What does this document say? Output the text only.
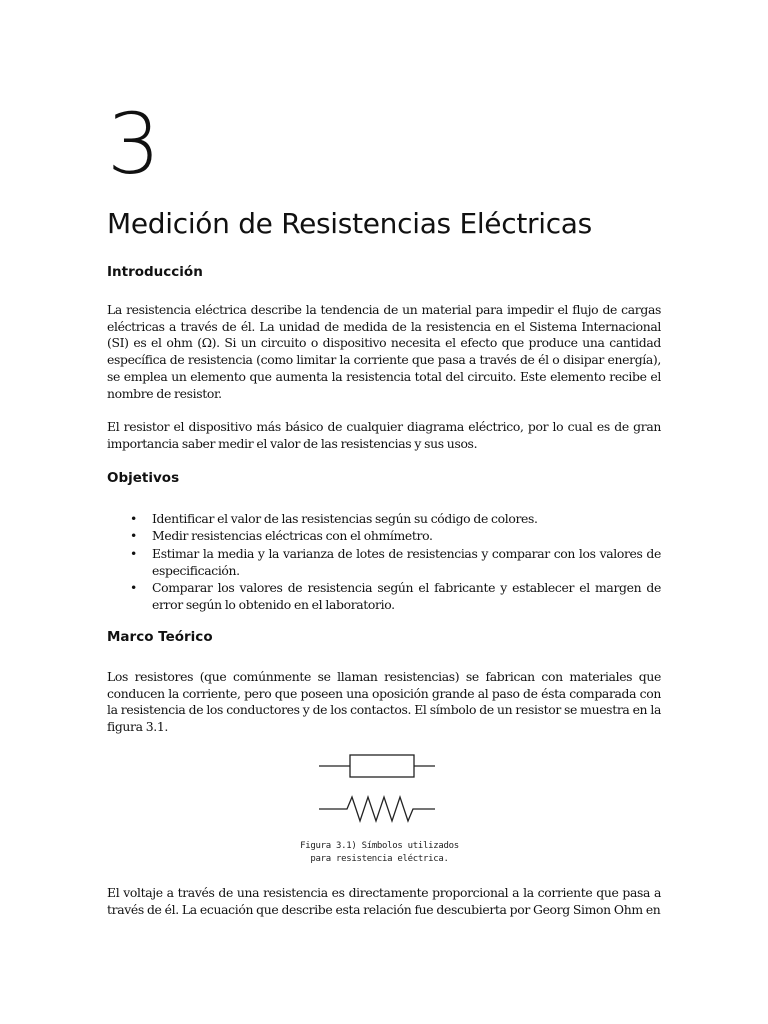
3
Medición de Resistencias Eléctricas
Introducción

La resistencia eléctrica describe la tendencia de un material para impedir el flujo de cargas eléctricas a través de él. La unidad de medida de la resistencia en el Sistema Internacional (SI) es el ohm (Ω). Si un circuito o dispositivo necesita el efecto que produce una cantidad específica de resistencia (como limitar la corriente que pasa a través de él o disipar energía), se emplea un elemento que aumenta la resistencia total del circuito. Este elemento recibe el nombre de resistor.

El resistor el dispositivo más básico de cualquier diagrama eléctrico, por lo cual es de gran importancia saber medir el valor de las resistencias y sus usos.

Objetivos
• Identificar el valor de las resistencias según su código de colores.
• Medir resistencias eléctricas con el ohmímetro.
• Estimar la media y la varianza de lotes de resistencias y comparar con los valores de especificación.
• Comparar los valores de resistencia según el fabricante y establecer el margen de error según lo obtenido en el laboratorio.
Marco Teórico

Los resistores (que comúnmente se llaman resistencias) se fabrican con materiales que conducen la corriente, pero que poseen una oposición grande al paso de ésta comparada con la resistencia de los conductores y de los contactos. El símbolo de un resistor se muestra en la figura 3.1.

Figura 3.1) Símbolos utilizados
para resistencia eléctrica.

El voltaje a través de una resistencia es directamente proporcional a la corriente que pasa a través de él. La ecuación que describe esta relación fue descubierta por Georg Simon Ohm en
